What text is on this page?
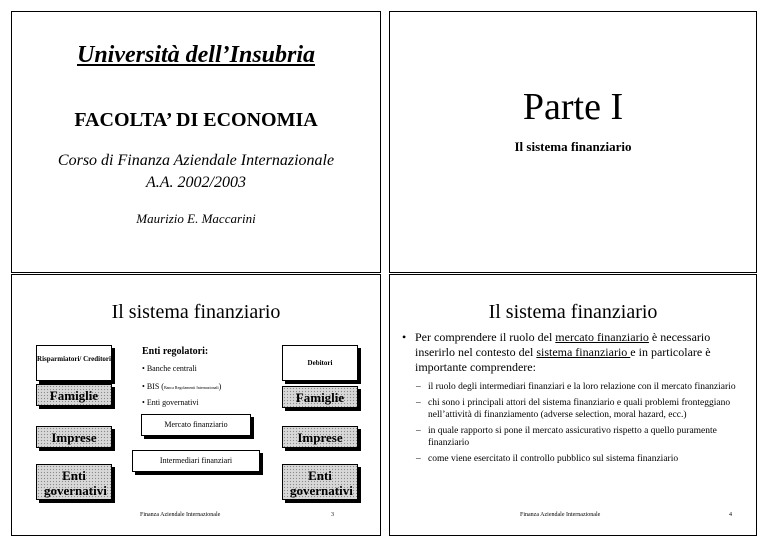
Università dell’Insubria
FACOLTA’ DI ECONOMIA
Corso di Finanza Aziendale Internazionale
A.A. 2002/2003
Maurizio E. Maccarini
Parte I
Il sistema finanziario
Il sistema finanziario
Risparmiatori/ Creditori
Famiglie
Imprese
Enti governativi
Enti regolatori:
• Banche centrali
• BIS (Banca Regolamenti Internazionali)
• Enti governativi
Mercato finanziario
Intermediari finanziari
Debitori
Famiglie
Imprese
Enti governativi
Finanza Aziendale Internazionale	3
Il sistema finanziario
• Per comprendere il ruolo del mercato finanziario è necessario inserirlo nel contesto del sistema finanziario e in particolare è importante comprendere:
– il ruolo degli intermediari finanziari e la loro relazione con il mercato finanziario
– chi sono i principali attori del sistema finanziario e quali problemi fronteggiano nell’attività di finanziamento (adverse selection, moral hazard, ecc.)
– in quale rapporto si pone il mercato assicurativo rispetto a quello puramente finanziario
– come viene esercitato il controllo pubblico sul sistema finanziario
Finanza Aziendale Internazionale	4
